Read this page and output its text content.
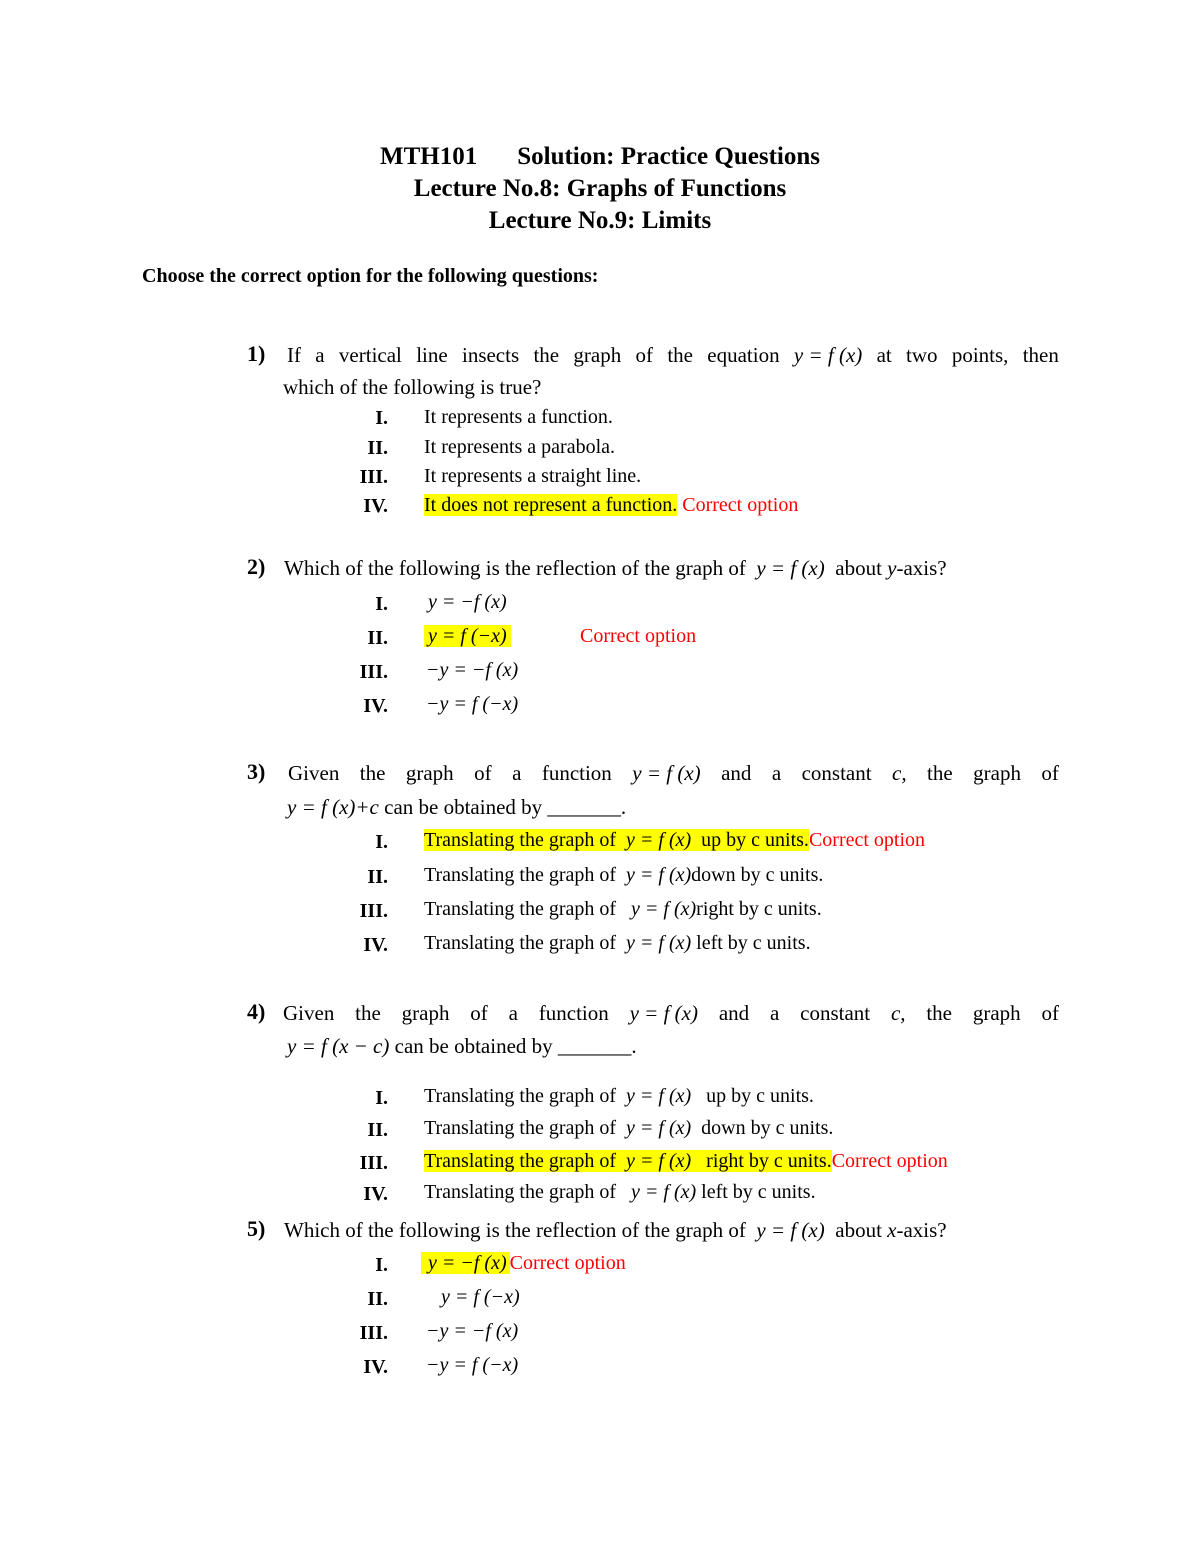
MTH101 Solution: Practice Questions
Lecture No.8: Graphs of Functions
Lecture No.9: Limits
Choose the correct option for the following questions:
1) If a vertical line insects the graph of the equation y = f (x) at two points, then
which of the following is true?
I. It represents a function.
II. It represents a parabola.
III. It represents a straight line.
IV. It does not represent a function. Correct option
2) Which of the following is the reflection of the graph of y = f (x) about y-axis?
I. y = −f (x)
II. y = f (−x)	Correct option
III. −y = −f (x)
IV. −y = f (−x)
3) Given the graph of a function y = f (x) and a constant c, the graph of
y = f (x)+c can be obtained by _______.
I. Translating the graph of y = f (x) up by c units.Correct option
II. Translating the graph of y = f (x)down by c units.
III. Translating the graph of y = f (x)right by c units.
IV. Translating the graph of y = f (x) left by c units.
4) Given the graph of a function y = f (x) and a constant c, the graph of
y = f (x − c) can be obtained by _______.
I. Translating the graph of y = f (x) up by c units.
II. Translating the graph of y = f (x) down by c units.
III. Translating the graph of y = f (x) right by c units.Correct option
IV. Translating the graph of y = f (x) left by c units.
5) Which of the following is the reflection of the graph of y = f (x) about x-axis?
I.	y = −f (x) Correct option
II.	y = f (−x)
III. −y = −f (x)
IV. −y = f (−x)
